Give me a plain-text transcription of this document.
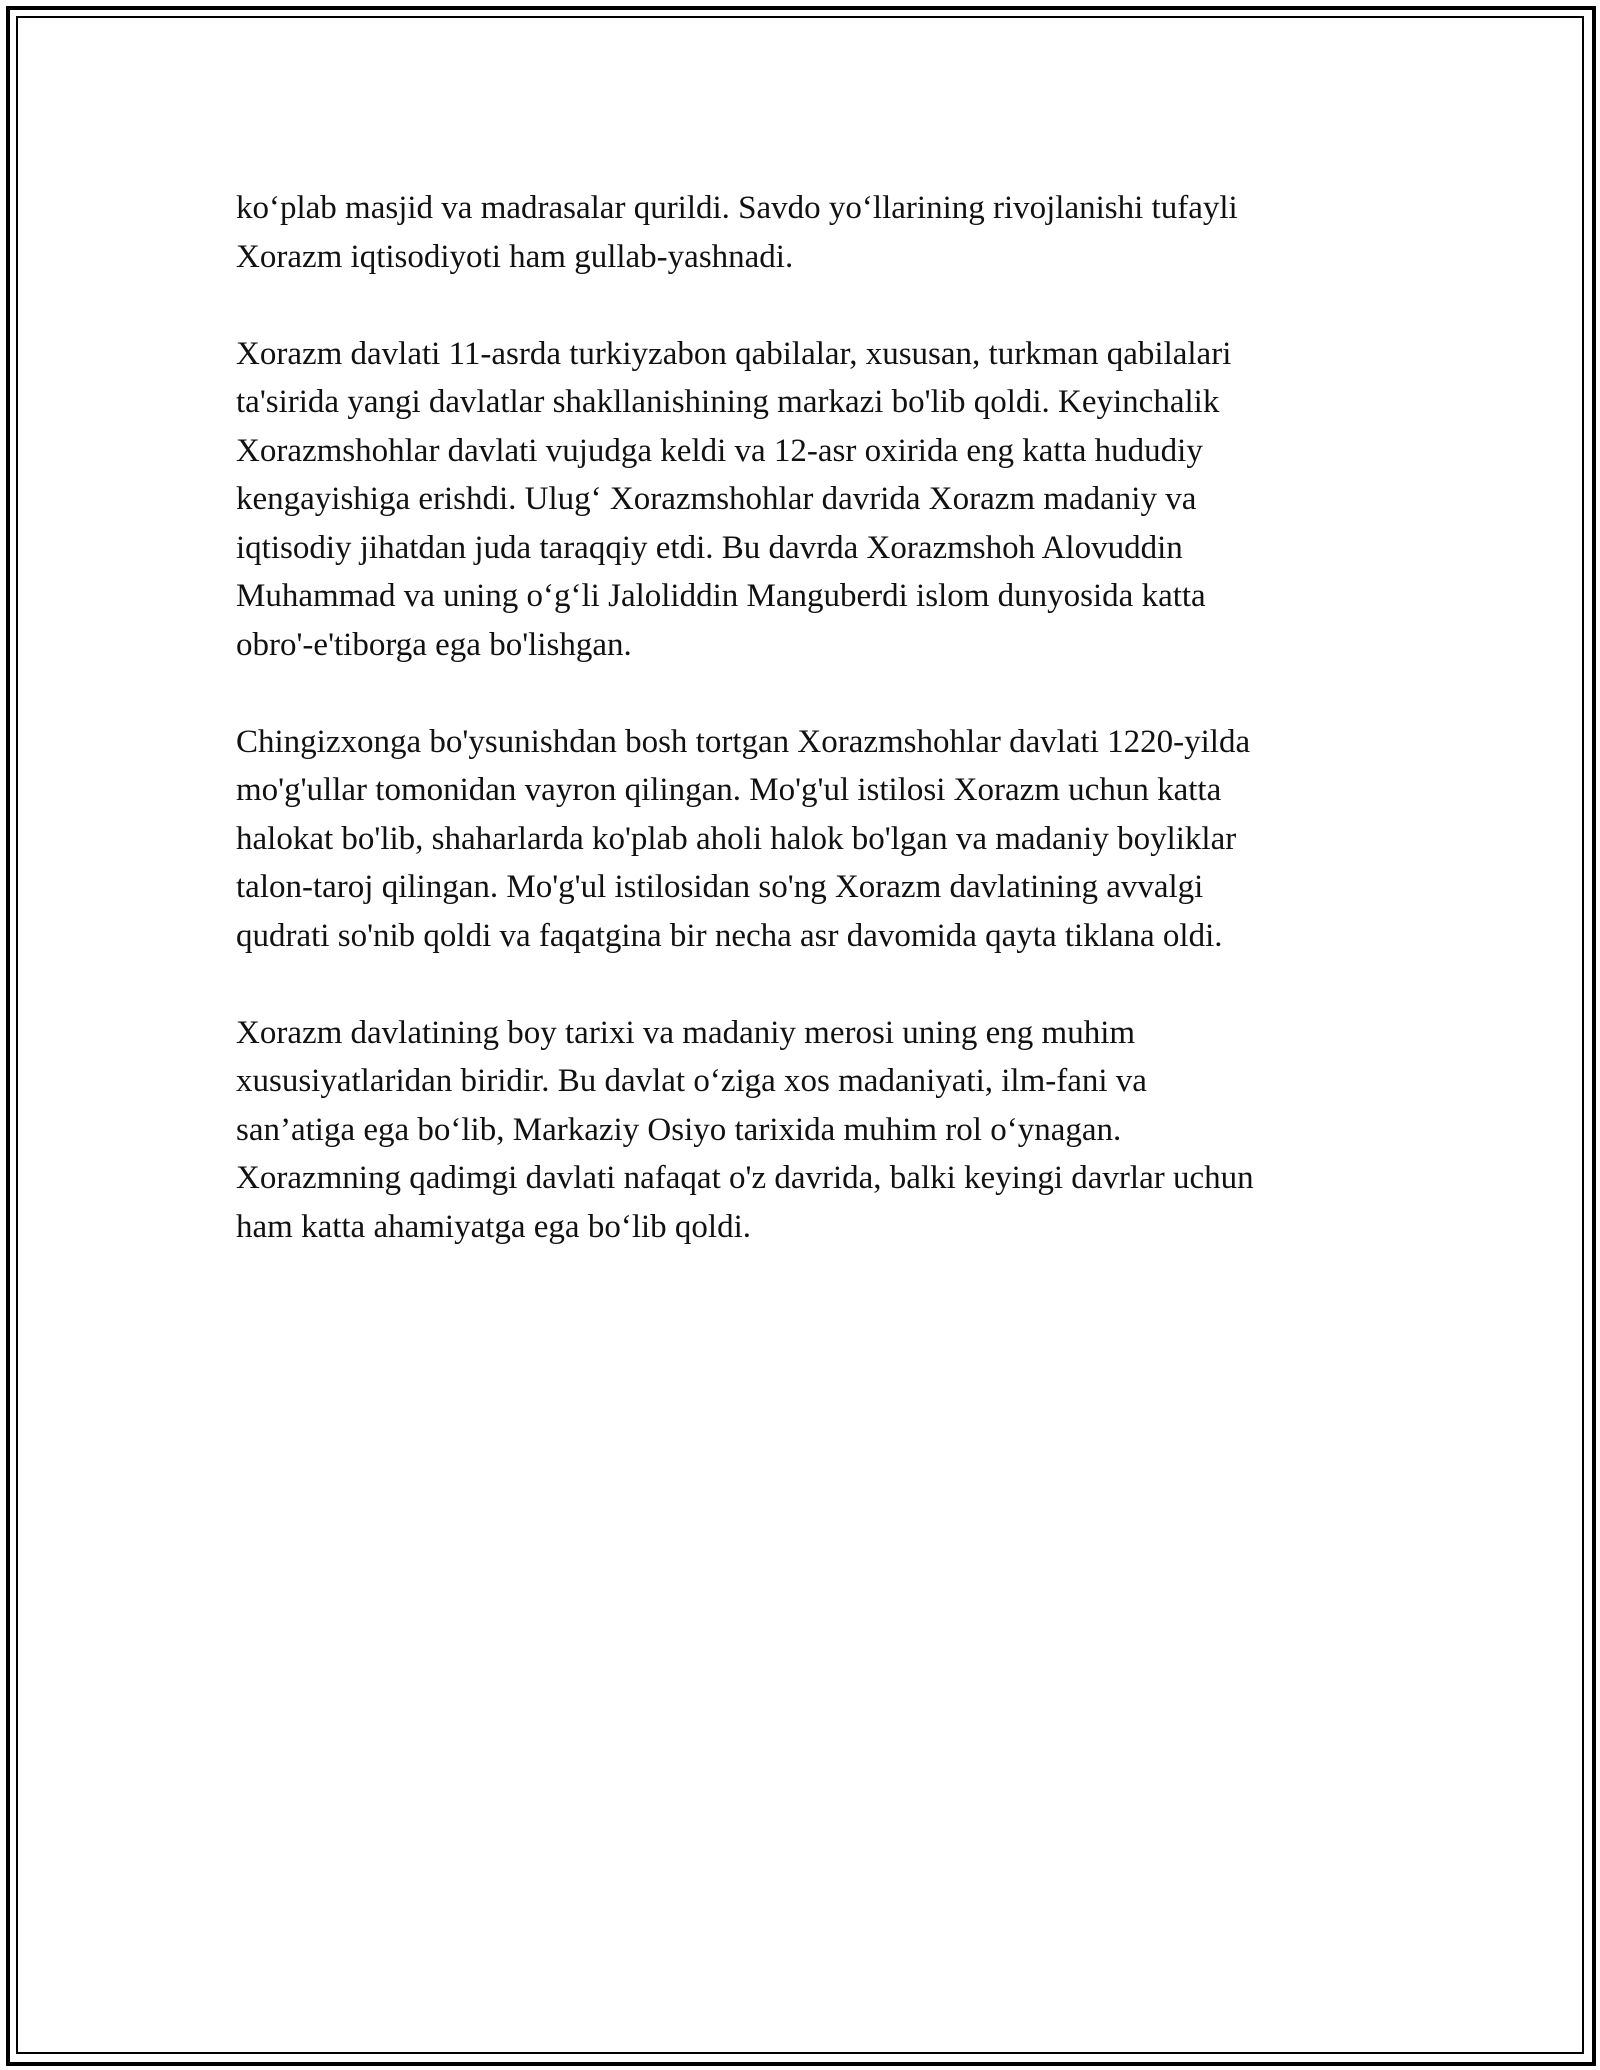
ko‘plab masjid va madrasalar qurildi. Savdo yo‘llarining rivojlanishi tufayli
Xorazm iqtisodiyoti ham gullab-yashnadi.

Xorazm davlati 11-asrda turkiyzabon qabilalar, xususan, turkman qabilalari
ta'sirida yangi davlatlar shakllanishining markazi bo'lib qoldi. Keyinchalik
Xorazmshohlar davlati vujudga keldi va 12-asr oxirida eng katta hududiy
kengayishiga erishdi. Ulug‘ Xorazmshohlar davrida Xorazm madaniy va
iqtisodiy jihatdan juda taraqqiy etdi. Bu davrda Xorazmshoh Alovuddin
Muhammad va uning o‘g‘li Jaloliddin Manguberdi islom dunyosida katta
obro'-e'tiborga ega bo'lishgan.

Chingizxonga bo'ysunishdan bosh tortgan Xorazmshohlar davlati 1220-yilda
mo'g'ullar tomonidan vayron qilingan. Mo'g'ul istilosi Xorazm uchun katta
halokat bo'lib, shaharlarda ko'plab aholi halok bo'lgan va madaniy boyliklar
talon-taroj qilingan. Mo'g'ul istilosidan so'ng Xorazm davlatining avvalgi
qudrati so'nib qoldi va faqatgina bir necha asr davomida qayta tiklana oldi.

Xorazm davlatining boy tarixi va madaniy merosi uning eng muhim
xususiyatlaridan biridir. Bu davlat o‘ziga xos madaniyati, ilm-fani va
san’atiga ega bo‘lib, Markaziy Osiyo tarixida muhim rol o‘ynagan.
Xorazmning qadimgi davlati nafaqat o'z davrida, balki keyingi davrlar uchun
ham katta ahamiyatga ega bo‘lib qoldi.
